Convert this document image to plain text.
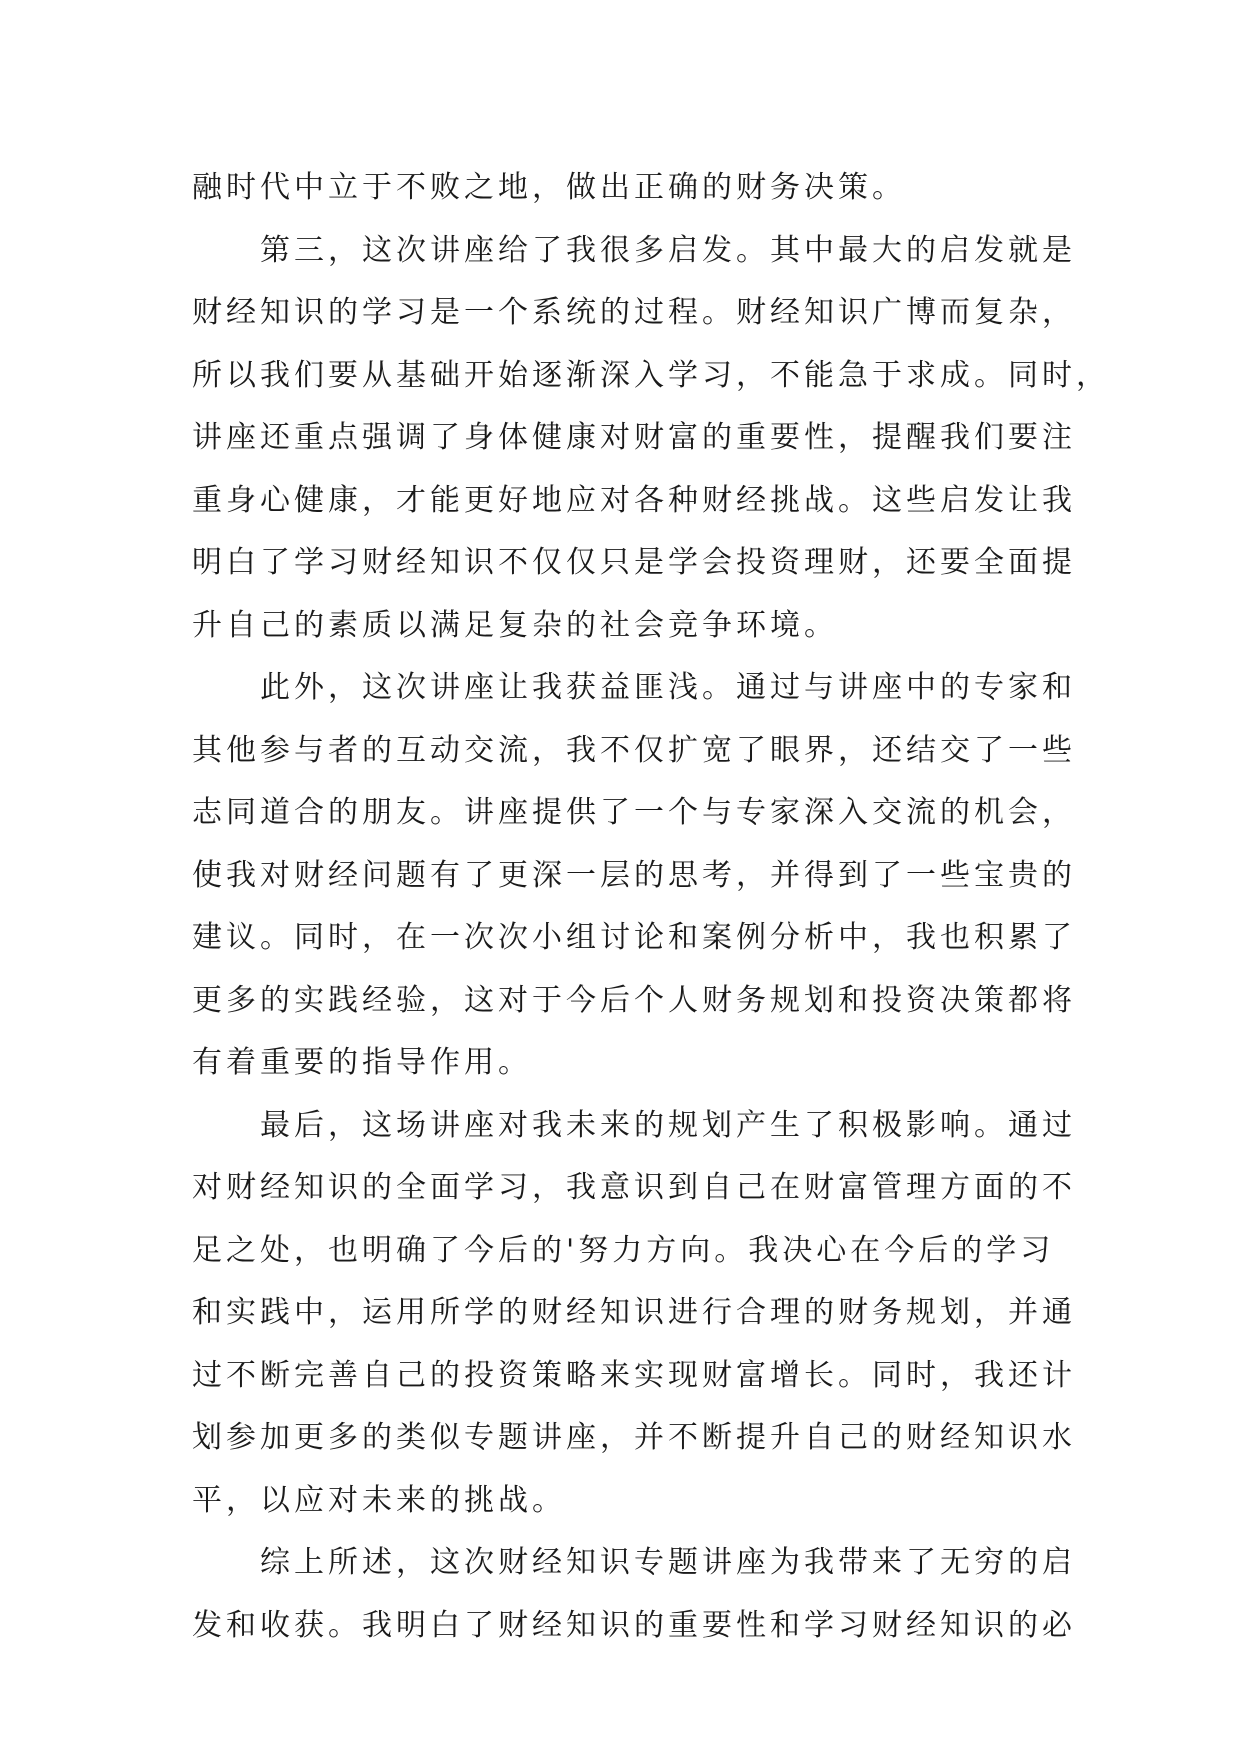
融时代中立于不败之地，做出正确的财务决策。
第三，这次讲座给了我很多启发。其中最大的启发就是
财经知识的学习是一个系统的过程。财经知识广博而复杂，
所以我们要从基础开始逐渐深入学习，不能急于求成。同时，
讲座还重点强调了身体健康对财富的重要性，提醒我们要注
重身心健康，才能更好地应对各种财经挑战。这些启发让我
明白了学习财经知识不仅仅只是学会投资理财，还要全面提
升自己的素质以满足复杂的社会竞争环境。
此外，这次讲座让我获益匪浅。通过与讲座中的专家和
其他参与者的互动交流，我不仅扩宽了眼界，还结交了一些
志同道合的朋友。讲座提供了一个与专家深入交流的机会，
使我对财经问题有了更深一层的思考，并得到了一些宝贵的
建议。同时，在一次次小组讨论和案例分析中，我也积累了
更多的实践经验，这对于今后个人财务规划和投资决策都将
有着重要的指导作用。
最后，这场讲座对我未来的规划产生了积极影响。通过
对财经知识的全面学习，我意识到自己在财富管理方面的不
足之处，也明确了今后的'努力方向。我决心在今后的学习
和实践中，运用所学的财经知识进行合理的财务规划，并通
过不断完善自己的投资策略来实现财富增长。同时，我还计
划参加更多的类似专题讲座，并不断提升自己的财经知识水
平，以应对未来的挑战。
综上所述，这次财经知识专题讲座为我带来了无穷的启
发和收获。我明白了财经知识的重要性和学习财经知识的必
